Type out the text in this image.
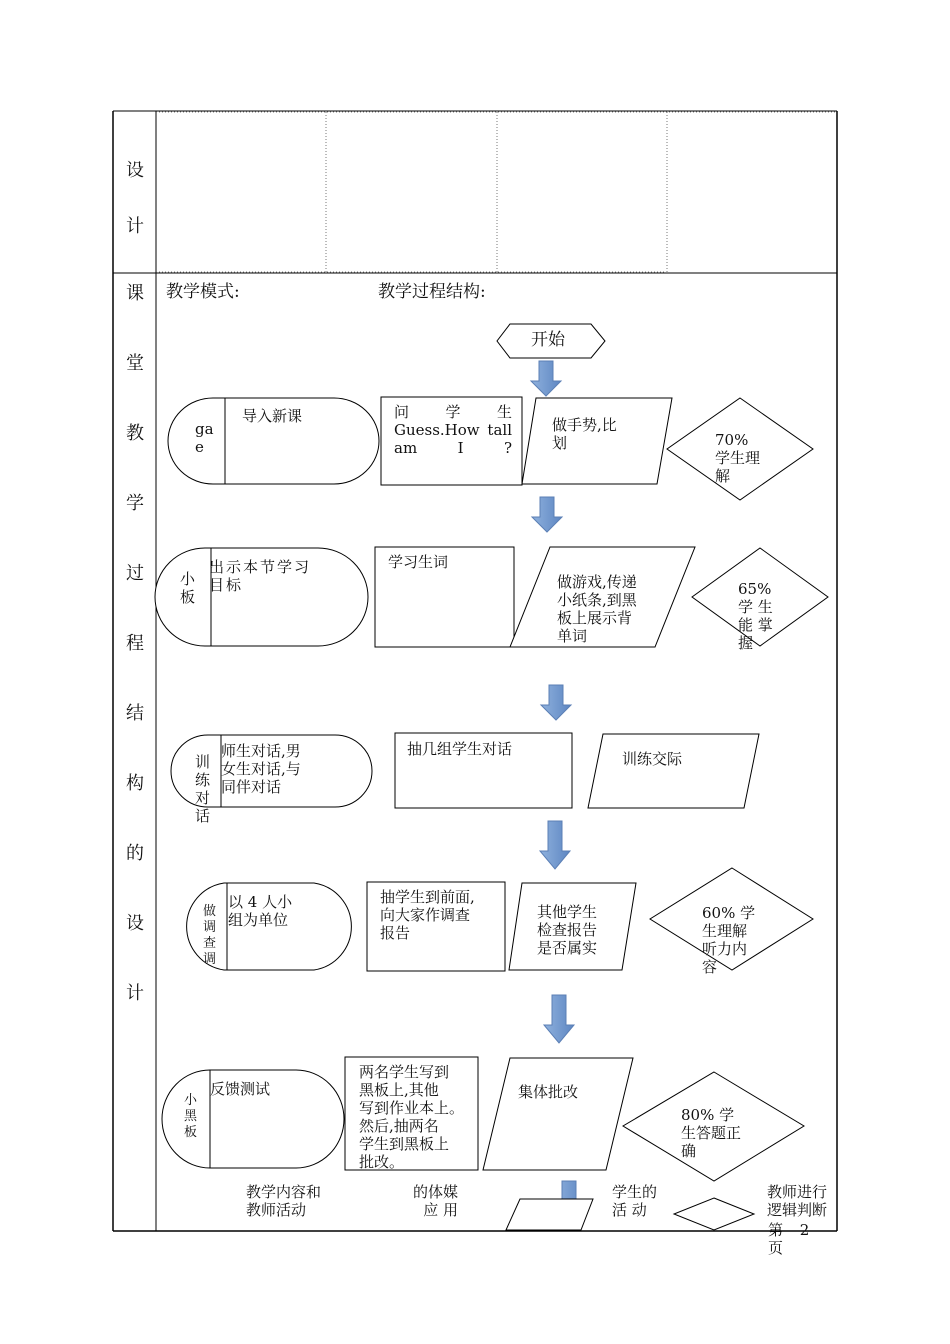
设
计
课
堂
教
学
过
程
结
构
的
设
计
教学模式:	教学过程结构:
开始
ga
e
导入新课	问 学 生
Guess.How tall
am I ?
做手势,比
划	70%
学生理
解
小
板
出示本节学习
目标
学习生词
做游戏,传递
小纸条,到黑
板上展示背
单词
65%
学 生
能 掌
握
训
练
对
话
师生对话,男
女生对话,与
同伴对话
抽几组学生对话
训练交际
做
调
查
调
以 4 人小
组为单位
抽学生到前面,
向大家作调查
报告
其他学生
检查报告
是否属实
60% 学
生理解
听力内
容
小
黑
板
反馈测试
两名学生写到
黑板上,其他
写到作业本上。
然后,抽两名
学生到黑板上
批改。
集体批改
80% 学
生答题正
确
教学内容和
教师活动
的体媒
应 用
学生的
活 动
教师进行
逻辑判断
第 2 页
